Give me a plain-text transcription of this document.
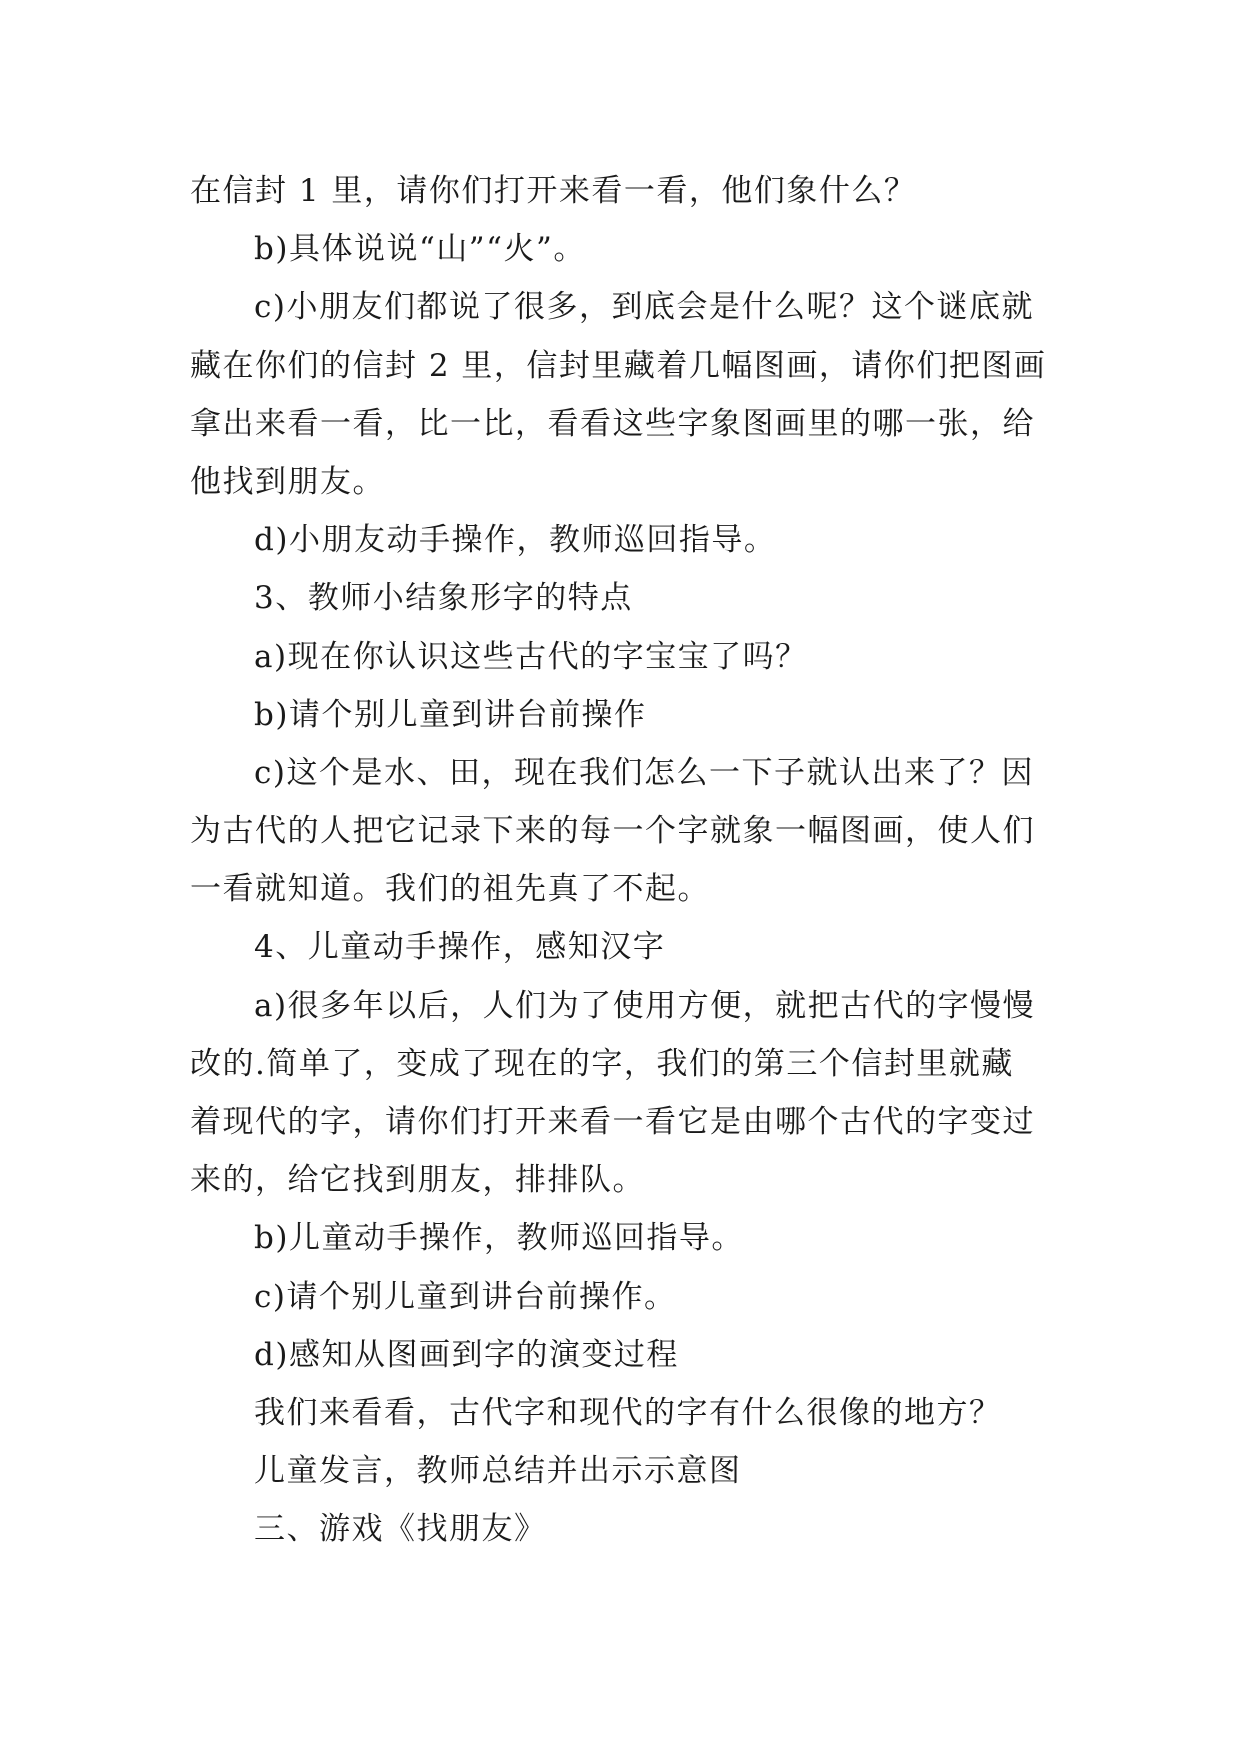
在信封 1 里，请你们打开来看一看，他们象什么？
b)具体说说“山”“火”。
c)小朋友们都说了很多，到底会是什么呢？这个谜底就
藏在你们的信封 2 里，信封里藏着几幅图画，请你们把图画
拿出来看一看，比一比，看看这些字象图画里的哪一张，给
他找到朋友。
d)小朋友动手操作，教师巡回指导。
3、教师小结象形字的特点
a)现在你认识这些古代的字宝宝了吗？
b)请个别儿童到讲台前操作
c)这个是水、田，现在我们怎么一下子就认出来了？因
为古代的人把它记录下来的每一个字就象一幅图画，使人们
一看就知道。我们的祖先真了不起。
4、儿童动手操作，感知汉字
a)很多年以后，人们为了使用方便，就把古代的字慢慢
改的.简单了，变成了现在的字，我们的第三个信封里就藏
着现代的字，请你们打开来看一看它是由哪个古代的字变过
来的，给它找到朋友，排排队。
b)儿童动手操作，教师巡回指导。
c)请个别儿童到讲台前操作。
d)感知从图画到字的演变过程
我们来看看，古代字和现代的字有什么很像的地方？
儿童发言，教师总结并出示示意图
三、游戏《找朋友》
